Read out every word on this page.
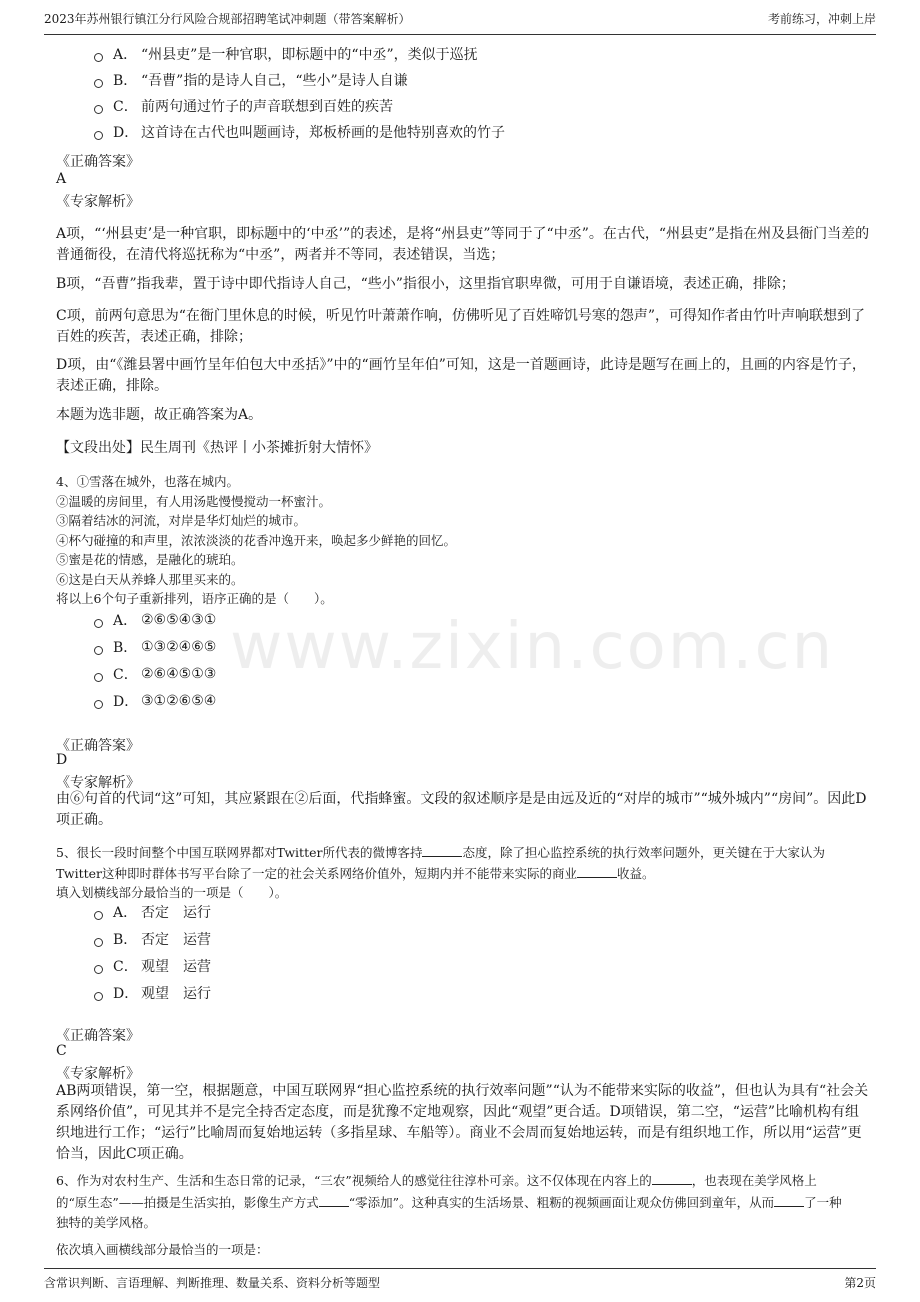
2023年苏州银行镇江分行风险合规部招聘笔试冲刺题（带答案解析）	考前练习，冲刺上岸
www.zixin.com.cn
A． “州县吏”是一种官职，即标题中的“中丞”，类似于巡抚
B． “吾曹”指的是诗人自己，“些小”是诗人自谦
C． 前两句通过竹子的声音联想到百姓的疾苦
D． 这首诗在古代也叫题画诗，郑板桥画的是他特别喜欢的竹子
《正确答案》
A
《专家解析》
A项，“‘州县吏’是一种官职，即标题中的‘中丞’”的表述，是将“州县吏”等同于了“中丞”。在古代，“州县吏”是指在州及县衙门当差的普通衙役，在清代将巡抚称为“中丞”，两者并不等同，表述错误，当选；
B项，“吾曹”指我辈，置于诗中即代指诗人自己，“些小”指很小，这里指官职卑微，可用于自谦语境，表述正确，排除；
C项，前两句意思为“在衙门里休息的时候，听见竹叶萧萧作响，仿佛听见了百姓啼饥号寒的怨声”，可得知作者由竹叶声响联想到了百姓的疾苦，表述正确，排除；
D项，由“《潍县署中画竹呈年伯包大中丞括》”中的“画竹呈年伯”可知，这是一首题画诗，此诗是题写在画上的，且画的内容是竹子，表述正确，排除。
本题为选非题，故正确答案为A。
【文段出处】民生周刊《热评丨小茶摊折射大情怀》
4、①雪落在城外，也落在城内。
②温暖的房间里，有人用汤匙慢慢搅动一杯蜜汁。
③隔着结冰的河流，对岸是华灯灿烂的城市。
④杯勺碰撞的和声里，浓浓淡淡的花香冲逸开来，唤起多少鲜艳的回忆。
⑤蜜是花的情感，是融化的琥珀。
⑥这是白天从养蜂人那里买来的。
将以上6个句子重新排列，语序正确的是（　　）。
A． ②⑥⑤④③①
B． ①③②④⑥⑤
C． ②⑥④⑤①③
D． ③①②⑥⑤④
《正确答案》
D
《专家解析》
由⑥句首的代词“这”可知，其应紧跟在②后面，代指蜂蜜。文段的叙述顺序是是由远及近的“对岸的城市”“城外城内”“房间”。因此D项正确。
5、很长一段时间整个中国互联网界都对Twitter所代表的微博客持	态度，除了担心监控系统的执行效率问题外，更关键在于大家认为
Twitter这种即时群体书写平台除了一定的社会关系网络价值外，短期内并不能带来实际的商业	收益。
填入划横线部分最恰当的一项是（　　）。
A． 否定　运行
B． 否定　运营
C． 观望　运营
D． 观望　运行
《正确答案》
C
《专家解析》
AB两项错误，第一空，根据题意，中国互联网界“担心监控系统的执行效率问题”“认为不能带来实际的收益”，但也认为具有“社会关系网络价值”，可见其并不是完全持否定态度，而是犹豫不定地观察，因此“观望”更合适。D项错误，第二空，“运营”比喻机构有组织地进行工作；“运行”比喻周而复始地运转（多指星球、车船等）。商业不会周而复始地运转，而是有组织地工作，所以用“运营”更恰当，因此C项正确。
6、作为对农村生产、生活和生态日常的记录，“三农”视频给人的感觉往往淳朴可亲。这不仅体现在内容上的	，也表现在美学风格上
的“原生态”——拍摄是生活实拍，影像生产方式 “零添加”。这种真实的生活场景、粗粝的视频画面让观众仿佛回到童年，从而 了一种
独特的美学风格。
依次填入画横线部分最恰当的一项是：
含常识判断、言语理解、判断推理、数量关系、资料分析等题型	第2页
